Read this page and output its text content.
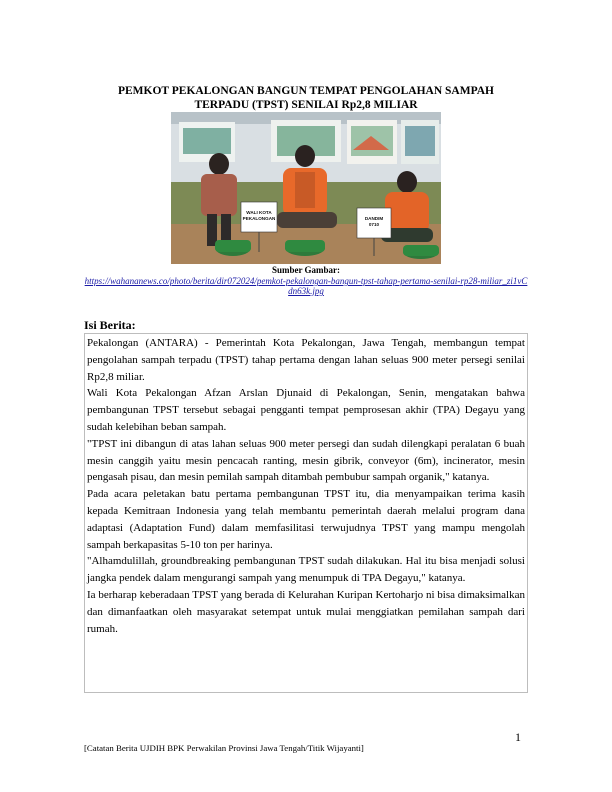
PEMKOT PEKALONGAN BANGUN TEMPAT PENGOLAHAN SAMPAH
TERPADU (TPST) SENILAI Rp2,8 MILIAR
WALI KOTA
PEKALONGAN	DANDIM
0710
Sumber Gambar:
https://wahananews.co/photo/berita/dir072024/pemkot-pekalongan-bangun-tpst-tahap-pertama-senilai-rp28-miliar_zi1vCdn63k.jpg
Isi Berita:

Pekalongan (ANTARA) - Pemerintah Kota Pekalongan, Jawa Tengah, membangun tempat pengolahan sampah terpadu (TPST) tahap pertama dengan lahan seluas 900 meter persegi senilai Rp2,8 miliar.

Wali Kota Pekalongan Afzan Arslan Djunaid di Pekalongan, Senin, mengatakan bahwa pembangunan TPST tersebut sebagai pengganti tempat pemprosesan akhir (TPA) Degayu yang sudah kelebihan beban sampah.

"TPST ini dibangun di atas lahan seluas 900 meter persegi dan sudah dilengkapi peralatan 6 buah mesin canggih yaitu mesin pencacah ranting, mesin gibrik, conveyor (6m), incinerator, mesin pengasah pisau, dan mesin pemilah sampah ditambah pembubur sampah organik," katanya.

Pada acara peletakan batu pertama pembangunan TPST itu, dia menyampaikan terima kasih kepada Kemitraan Indonesia yang telah membantu pemerintah daerah melalui program dana adaptasi (Adaptation Fund) dalam memfasilitasi terwujudnya TPST yang mampu mengolah sampah berkapasitas 5-10 ton per harinya.

"Alhamdulillah, groundbreaking pembangunan TPST sudah dilakukan. Hal itu bisa menjadi solusi jangka pendek dalam mengurangi sampah yang menumpuk di TPA Degayu," katanya.

Ia berharap keberadaan TPST yang berada di Kelurahan Kuripan Kertoharjo ni bisa dimaksimalkan dan dimanfaatkan oleh masyarakat setempat untuk mulai menggiatkan pemilahan sampah dari rumah.

1
[Catatan Berita UJDIH BPK Perwakilan Provinsi Jawa Tengah/Titik Wijayanti]
